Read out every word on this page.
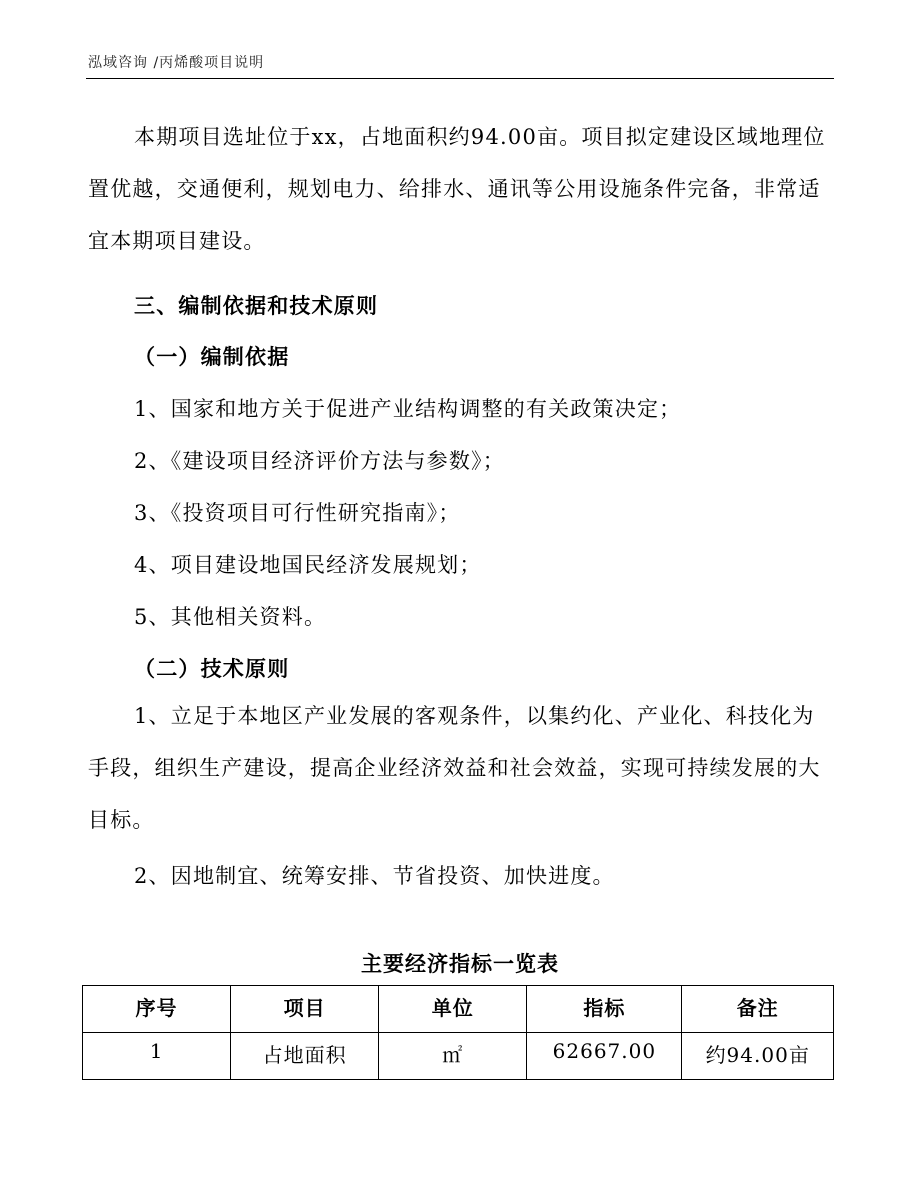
泓域咨询 /丙烯酸项目说明
本期项目选址位于xx，占地面积约94.00亩。项目拟定建设区域地理位置优越，交通便利，规划电力、给排水、通讯等公用设施条件完备，非常适宜本期项目建设。
三、编制依据和技术原则
（一）编制依据
1、国家和地方关于促进产业结构调整的有关政策决定；
2、《建设项目经济评价方法与参数》；
3、《投资项目可行性研究指南》；
4、项目建设地国民经济发展规划；
5、其他相关资料。
（二）技术原则
1、立足于本地区产业发展的客观条件，以集约化、产业化、科技化为手段，组织生产建设，提高企业经济效益和社会效益，实现可持续发展的大目标。
2、因地制宜、统筹安排、节省投资、加快进度。
主要经济指标一览表
序号	项目	单位	指标	备注
1	占地面积	㎡	62667.00	约94.00亩
